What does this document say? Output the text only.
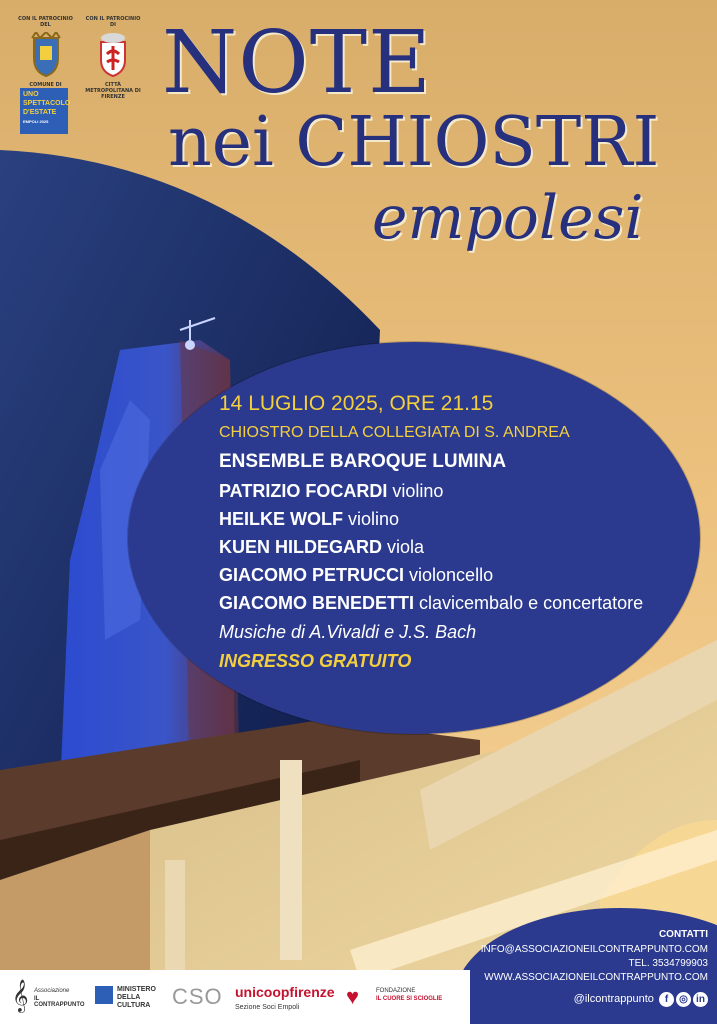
CON IL PATROCINIO DEL
COMUNE DI
CON IL PATROCINIO DI
CITTÀ METROPOLITANA DI FIRENZE
UNO
SPETTACOLO
D'ESTATE
EMPOLI 2025
NOTE
nei CHIOSTRI
empolesi
14 LUGLIO 2025, ORE 21.15
CHIOSTRO DELLA COLLEGIATA DI S. ANDREA
ENSEMBLE BAROQUE LUMINA
PATRIZIO FOCARDI violino
HEILKE WOLF violino
KUEN HILDEGARD viola
GIACOMO PETRUCCI violoncello
GIACOMO BENEDETTI clavicembalo e concertatore
Musiche di A.Vivaldi e J.S. Bach
INGRESSO GRATUITO
CONTATTI
INFO@ASSOCIAZIONEILCONTRAPPUNTO.COM
TEL. 3534799903
WWW.ASSOCIAZIONEILCONTRAPPUNTO.COM
@ilcontrappunto f ◎ in
𝄞 Associazione
IL CONTRAPPUNTO
MINISTERO
DELLA
CULTURA CSO unicoopfirenze
Sezione Soci Empoli	♥	FONDAZIONE
IL CUORE SI SCIOGLIE
